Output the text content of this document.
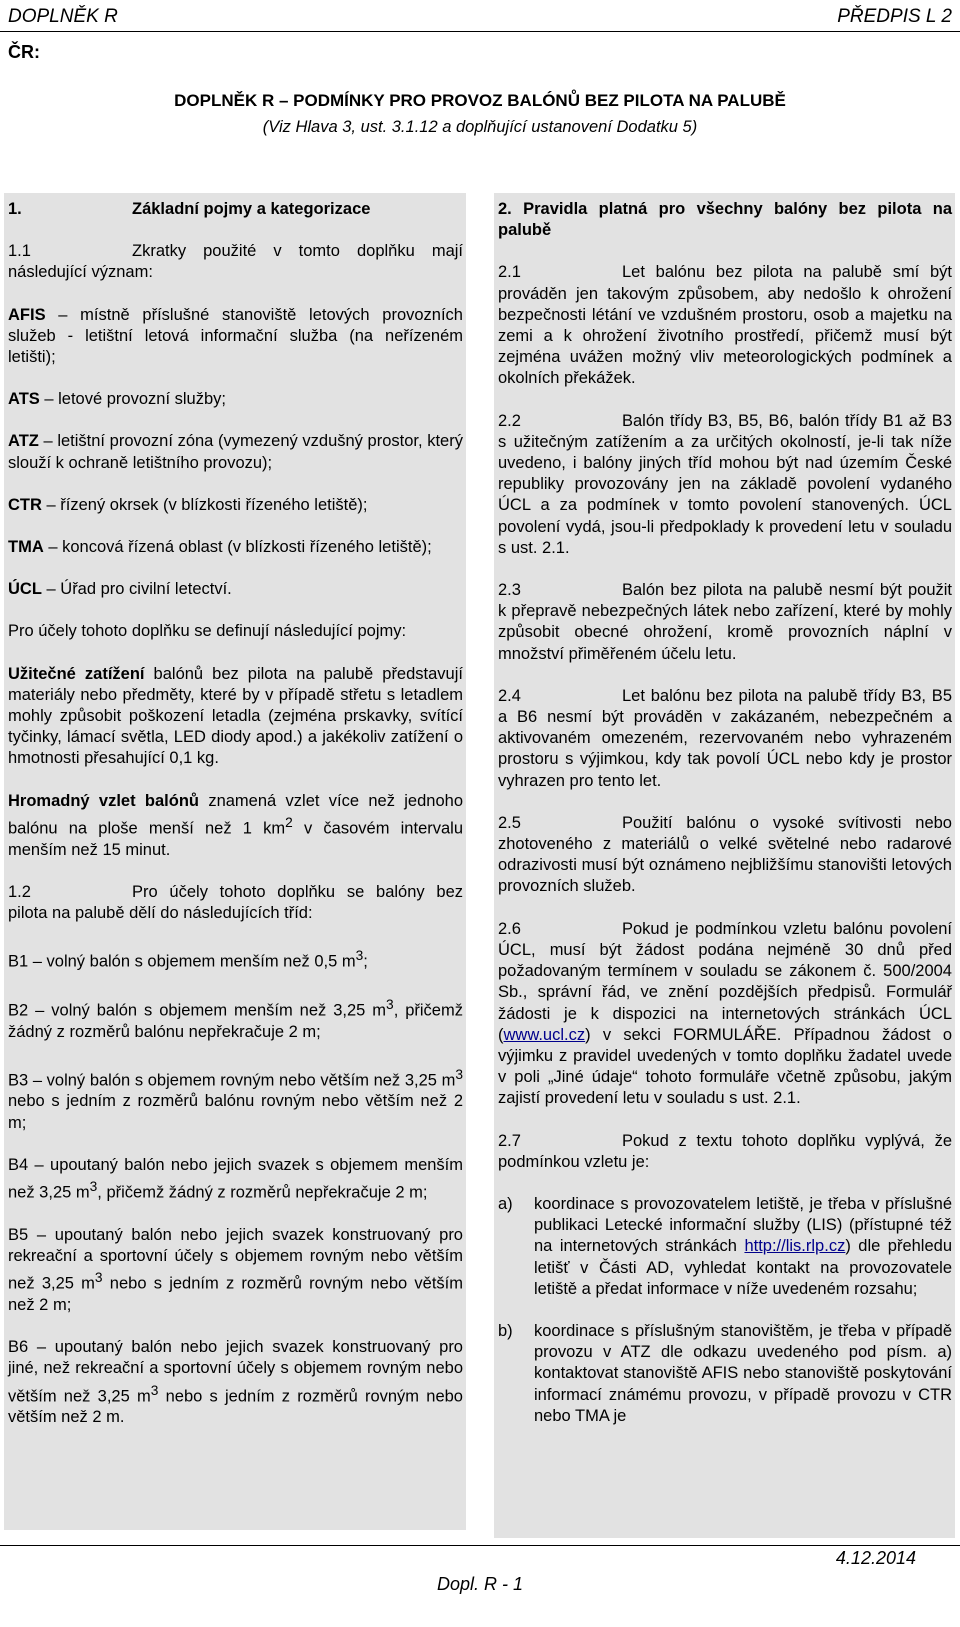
DOPLNĚK R	PŘEDPIS L 2
ČR:
DOPLNĚK R – PODMÍNKY PRO PROVOZ BALÓNŮ BEZ PILOTA NA PALUBĚ
(Viz Hlava 3, ust. 3.1.12 a doplňující ustanovení Dodatku 5)

1.	Základní pojmy a kategorizace

1.1	Zkratky použité v tomto doplňku mají následující význam:

AFIS – místně příslušné stanoviště letových provozních služeb - letištní letová informační služba (na neřízeném letišti);

ATS – letové provozní služby;

ATZ – letištní provozní zóna (vymezený vzdušný prostor, který slouží k ochraně letištního provozu);

CTR – řízený okrsek (v blízkosti řízeného letiště);

TMA – koncová řízená oblast (v blízkosti řízeného letiště);

ÚCL – Úřad pro civilní letectví.

Pro účely tohoto doplňku se definují následující pojmy:

Užitečné zatížení balónů bez pilota na palubě představují materiály nebo předměty, které by v případě střetu s letadlem mohly způsobit poškození letadla (zejména prskavky, svítící tyčinky, lámací světla, LED diody apod.) a jakékoliv zatížení o hmotnosti přesahující 0,1 kg.

Hromadný vzlet balónů znamená vzlet více než jednoho balónu na ploše menší než 1 $km^2$ v časovém intervalu menším než 15 minut.

1.2	Pro účely tohoto doplňku se balóny bez pilota na palubě dělí do následujících tříd:

B1 – volný balón s objemem menším než 0,5 $m^3$;

B2 – volný balón s objemem menším než 3,25 $m^3$, přičemž žádný z rozměrů balónu nepřekračuje 2 m;

B3 – volný balón s objemem rovným nebo větším než 3,25 $m^3$ nebo s jedním z rozměrů balónu rovným nebo větším než 2 m;

B4 – upoutaný balón nebo jejich svazek s objemem menším než 3,25 $m^3$, přičemž žádný z rozměrů nepřekračuje 2 m;

B5 – upoutaný balón nebo jejich svazek konstruovaný pro rekreační a sportovní účely s objemem rovným nebo větším než 3,25 $m^3$ nebo s jedním z rozměrů rovným nebo větším než 2 m;

B6 – upoutaný balón nebo jejich svazek konstruovaný pro jiné, než rekreační a sportovní účely s objemem rovným nebo větším než 3,25 $m^3$ nebo s jedním z rozměrů rovným nebo větším než 2 m.

2. Pravidla platná pro všechny balóny bez pilota na palubě

2.1	Let balónu bez pilota na palubě smí být prováděn jen takovým způsobem, aby nedošlo k ohrožení bezpečnosti létání ve vzdušném prostoru, osob a majetku na zemi a k ohrožení životního prostředí, přičemž musí být zejména uvážen možný vliv meteorologických podmínek a okolních překážek.

2.2	Balón třídy B3, B5, B6, balón třídy B1 až B3 s užitečným zatížením a za určitých okolností, je-li tak níže uvedeno, i balóny jiných tříd mohou být nad územím České republiky provozovány jen na základě povolení vydaného ÚCL a za podmínek v tomto povolení stanovených. ÚCL povolení vydá, jsou-li předpoklady k provedení letu v souladu s ust. 2.1.

2.3	Balón bez pilota na palubě nesmí být použit k přepravě nebezpečných látek nebo zařízení, které by mohly způsobit obecné ohrožení, kromě provozních náplní v množství přiměřeném účelu letu.

2.4	Let balónu bez pilota na palubě třídy B3, B5 a B6 nesmí být prováděn v zakázaném, nebezpečném a aktivovaném omezeném, rezervovaném nebo vyhrazeném prostoru s výjimkou, kdy tak povolí ÚCL nebo kdy je prostor vyhrazen pro tento let.

2.5	Použití balónu o vysoké svítivosti nebo zhotoveného z materiálů o velké světelné nebo radarové odrazivosti musí být oznámeno nejbližšímu stanovišti letových provozních služeb.

2.6	Pokud je podmínkou vzletu balónu povolení ÚCL, musí být žádost podána nejméně 30 dnů před požadovaným termínem v souladu se zákonem č. 500/2004 Sb., správní řád, ve znění pozdějších předpisů. Formulář žádosti je k dispozici na internetových stránkách ÚCL (www.ucl.cz) v sekci FORMULÁŘE. Případnou žádost o výjimku z pravidel uvedených v tomto doplňku žadatel uvede v poli „Jiné údaje“ tohoto formuláře včetně způsobu, jakým zajistí provedení letu v souladu s ust. 2.1.

2.7	Pokud z textu tohoto doplňku vyplývá, že podmínkou vzletu je:

a)	koordinace s provozovatelem letiště, je třeba v příslušné publikaci Letecké informační služby (LIS) (přístupné též na internetových stránkách http://lis.rlp.cz) dle přehledu letišť v Části AD, vyhledat kontakt na provozovatele letiště a předat informace v níže uvedeném rozsahu;
b)	koordinace s příslušným stanovištěm, je třeba v případě provozu v ATZ dle odkazu uvedeného pod písm. a) kontaktovat stanoviště AFIS nebo stanoviště poskytování informací známému provozu, v případě provozu v CTR nebo TMA je
4.12.2014
Dopl. R - 1
